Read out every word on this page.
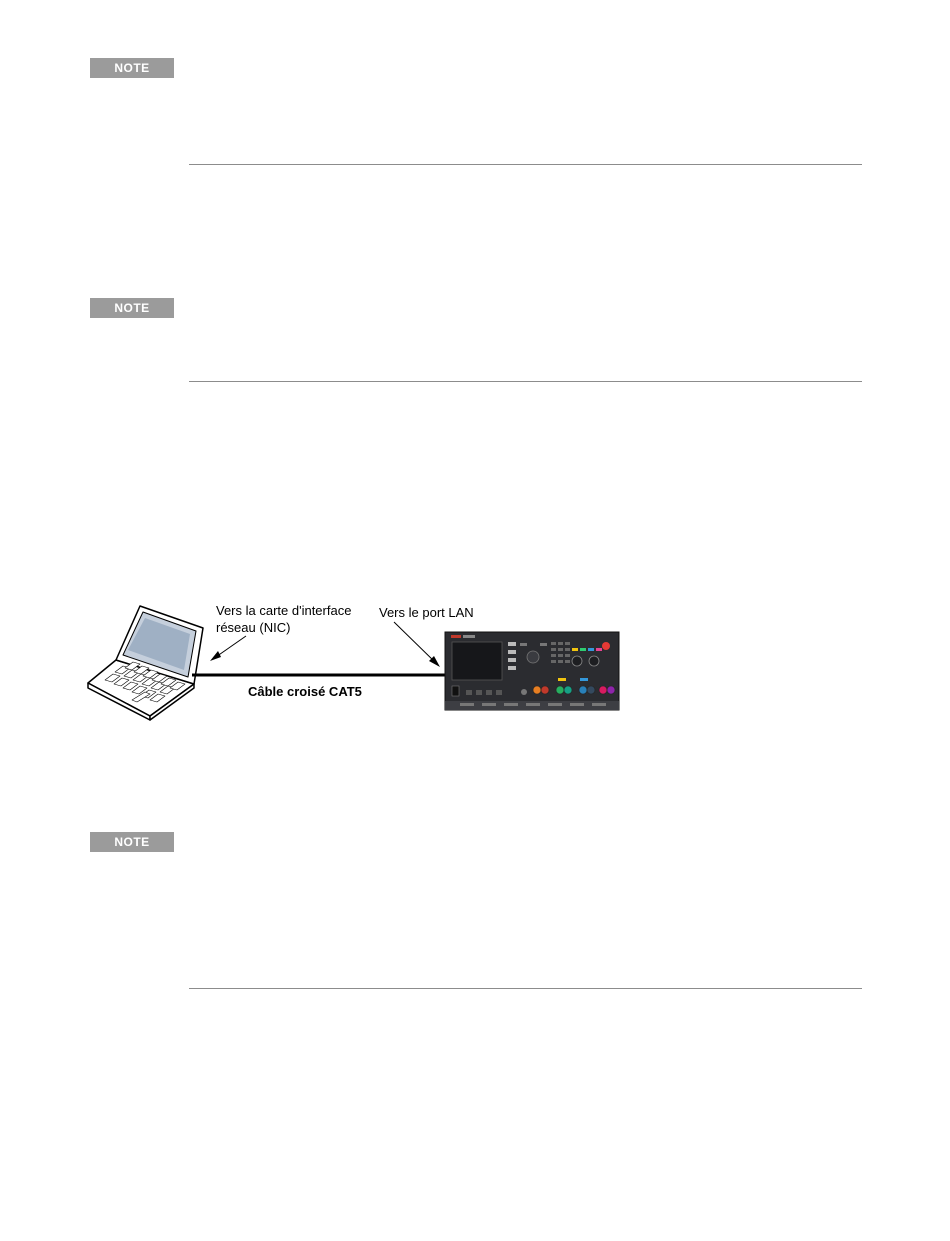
NOTE
NOTE
Vers la carte d'interface
réseau (NIC)
Vers le port LAN
Câble croisé CAT5
NOTE
